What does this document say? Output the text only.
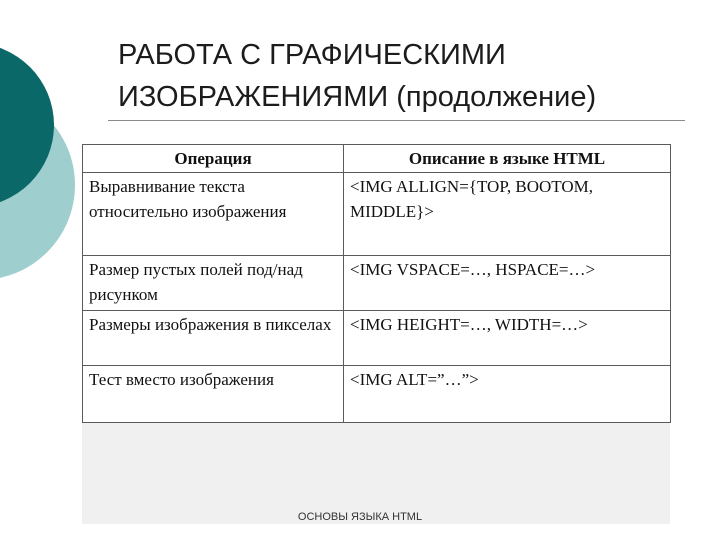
РАБОТА С ГРАФИЧЕСКИМИ
ИЗОБРАЖЕНИЯМИ (продолжение)
Операция	Описание в языке HTML
Выравнивание текста относительно изображения	<IMG ALLIGN={TOP, BOOTOM, MIDDLE}>
Размер пустых полей под/над рисунком	<IMG VSPACE=…, HSPACE=…>
Размеры изображения в пикселах	<IMG HEIGHT=…, WIDTH=…>
Тест вместо изображения	<IMG ALT=”…”>
ОСНОВЫ ЯЗЫКА HTML
